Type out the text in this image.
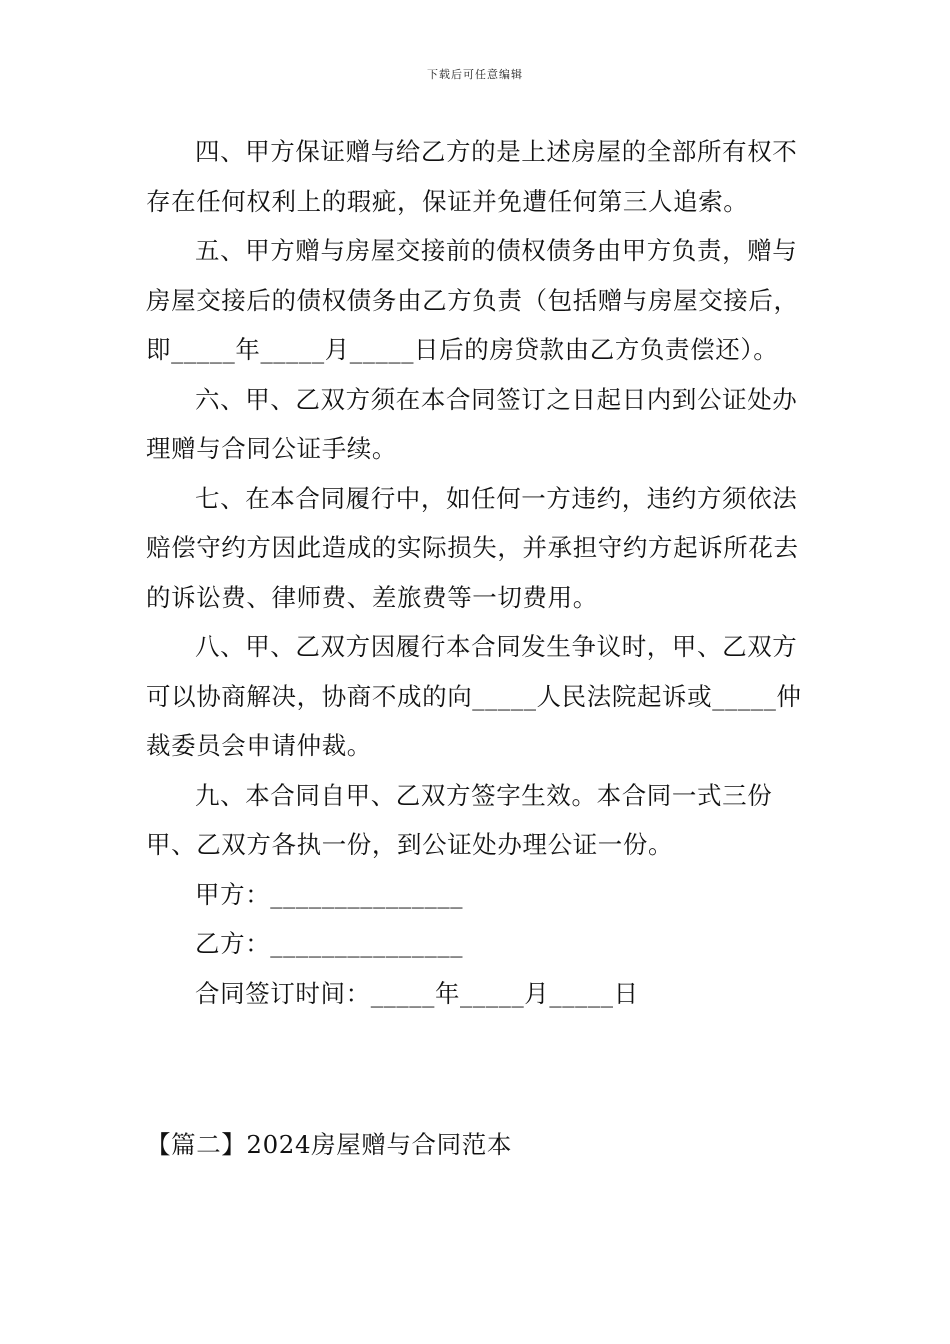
下载后可任意编辑

四、甲方保证赠与给乙方的是上述房屋的全部所有权不存在任何权利上的瑕疵，保证并免遭任何第三人追索。

五、甲方赠与房屋交接前的债权债务由甲方负责，赠与房屋交接后的债权债务由乙方负责（包括赠与房屋交接后，即_____年_____月_____日后的房贷款由乙方负责偿还）。

六、甲、乙双方须在本合同签订之日起日内到公证处办理赠与合同公证手续。

七、在本合同履行中，如任何一方违约，违约方须依法赔偿守约方因此造成的实际损失，并承担守约方起诉所花去的诉讼费、律师费、差旅费等一切费用。

八、甲、乙双方因履行本合同发生争议时，甲、乙双方可以协商解决，协商不成的向_____人民法院起诉或_____仲裁委员会申请仲裁。

九、本合同自甲、乙双方签字生效。本合同一式三份甲、乙双方各执一份，到公证处办理公证一份。

甲方：_______________

乙方：_______________

合同签订时间：_____年_____月_____日

【篇二】2024房屋赠与合同范本
